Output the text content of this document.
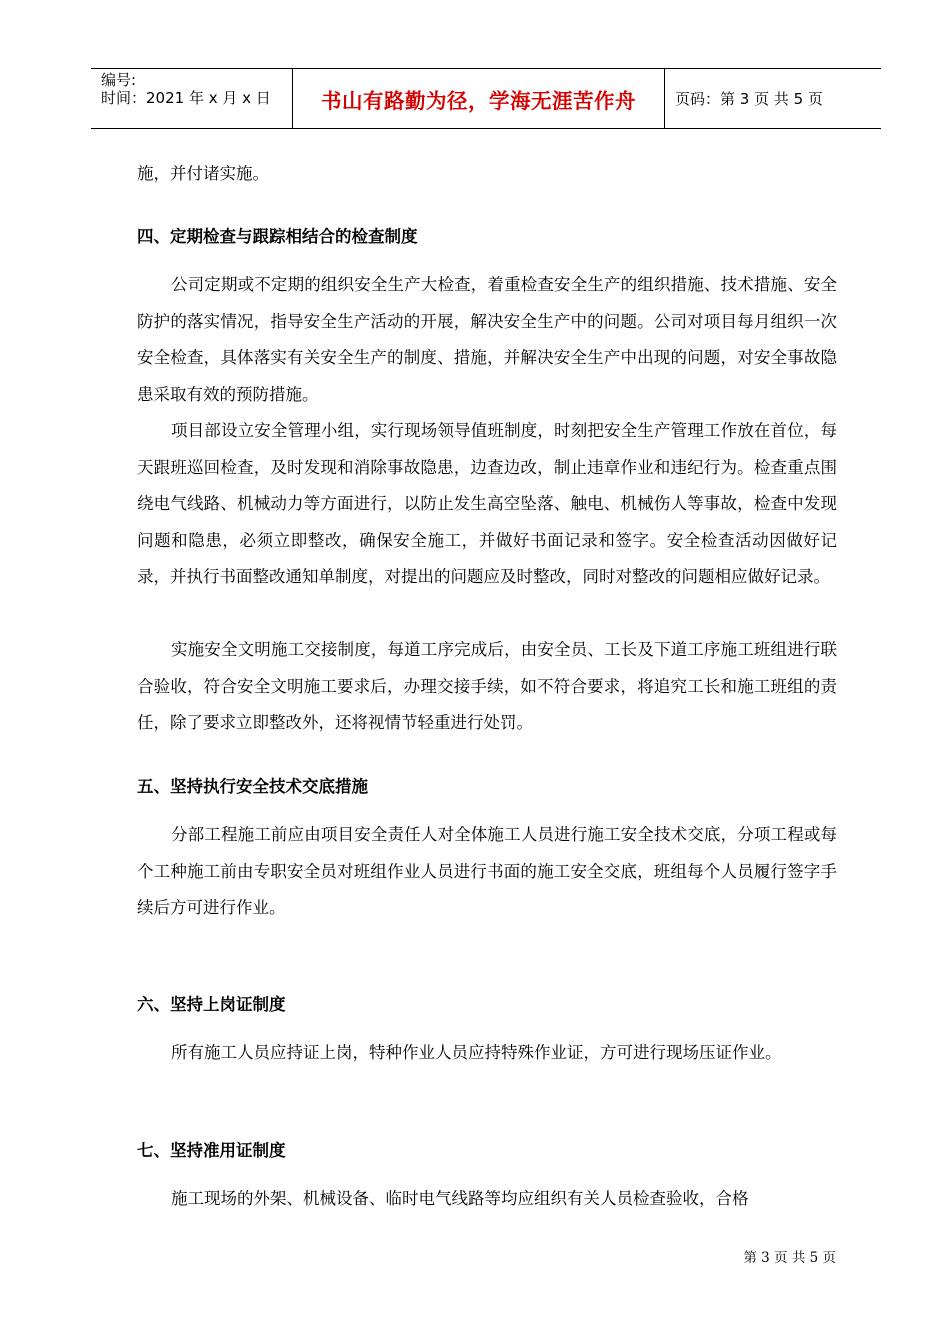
编号:
时间：2021 年 x 月 x 日	书山有路勤为径，学海无涯苦作舟	页码：第 3 页 共 5 页
施，并付诸实施。
四、定期检查与跟踪相结合的检查制度
公司定期或不定期的组织安全生产大检查，着重检查安全生产的组织措施、技术措施、安全防护的落实情况，指导安全生产活动的开展，解决安全生产中的问题。公司对项目每月组织一次安全检查，具体落实有关安全生产的制度、措施，并解决安全生产中出现的问题，对安全事故隐患采取有效的预防措施。
项目部设立安全管理小组，实行现场领导值班制度，时刻把安全生产管理工作放在首位，每天跟班巡回检查，及时发现和消除事故隐患，边查边改，制止违章作业和违纪行为。检查重点围绕电气线路、机械动力等方面进行，以防止发生高空坠落、触电、机械伤人等事故，检查中发现问题和隐患，必须立即整改，确保安全施工，并做好书面记录和签字。安全检查活动因做好记录，并执行书面整改通知单制度，对提出的问题应及时整改，同时对整改的问题相应做好记录。
实施安全文明施工交接制度，每道工序完成后，由安全员、工长及下道工序施工班组进行联合验收，符合安全文明施工要求后，办理交接手续，如不符合要求，将追究工长和施工班组的责任，除了要求立即整改外，还将视情节轻重进行处罚。
五、坚持执行安全技术交底措施
分部工程施工前应由项目安全责任人对全体施工人员进行施工安全技术交底，分项工程或每个工种施工前由专职安全员对班组作业人员进行书面的施工安全交底，班组每个人员履行签字手续后方可进行作业。
六、坚持上岗证制度
所有施工人员应持证上岗，特种作业人员应持特殊作业证，方可进行现场压证作业。
七、坚持准用证制度
施工现场的外架、机械设备、临时电气线路等均应组织有关人员检查验收，合格
第 3 页 共 5 页
